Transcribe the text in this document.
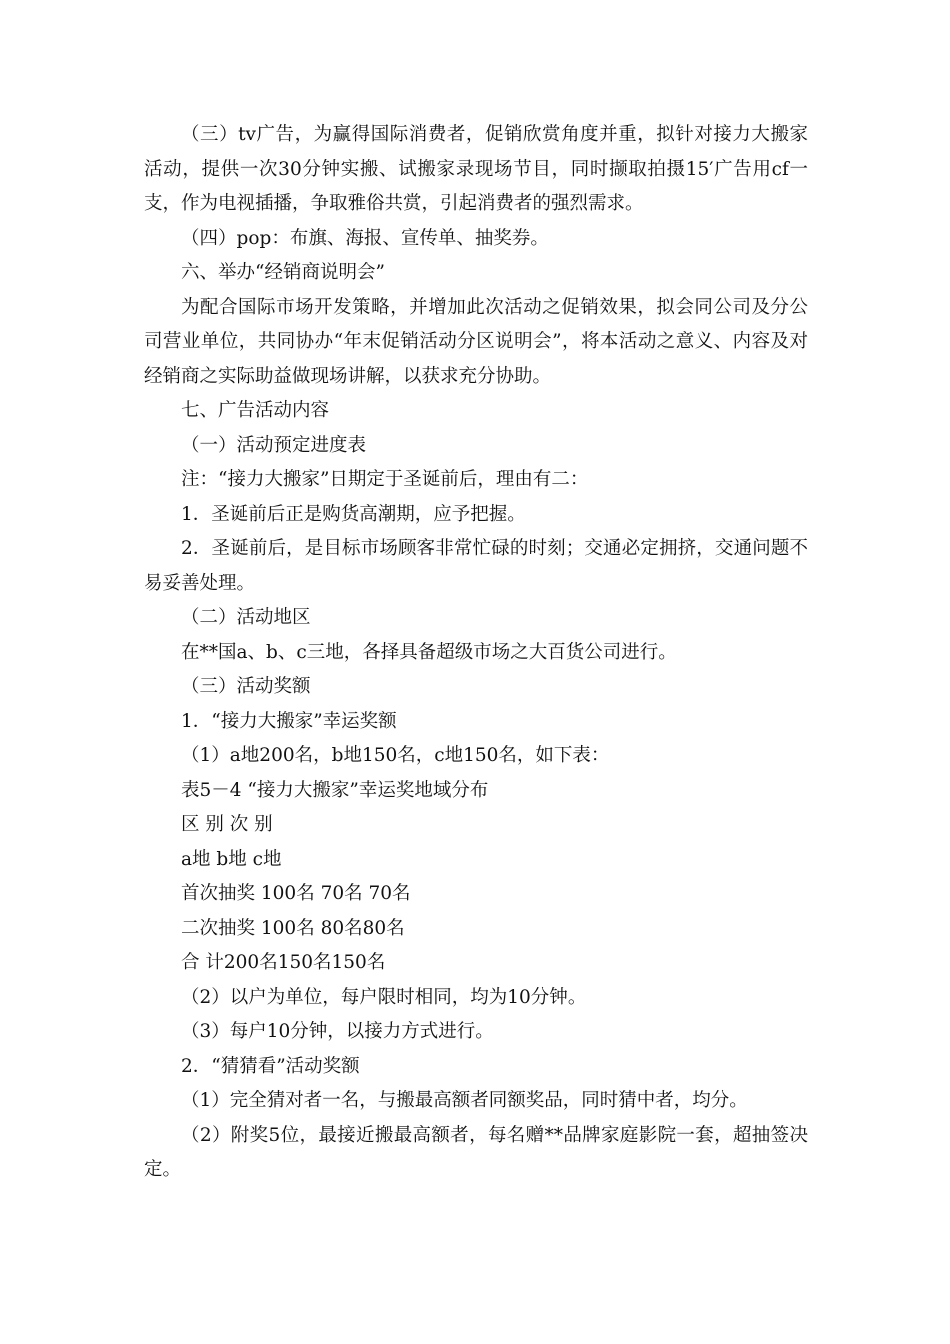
（三）tv广告，为赢得国际消费者，促销欣赏角度并重，拟针对接力大搬家活动，提供一次30分钟实搬、试搬家录现场节目，同时撷取拍摄15′广告用cf一支，作为电视插播，争取雅俗共赏，引起消费者的强烈需求。

（四）pop：布旗、海报、宣传单、抽奖券。

六、举办“经销商说明会”

为配合国际市场开发策略，并增加此次活动之促销效果，拟会同公司及分公司营业单位，共同协办“年末促销活动分区说明会”，将本活动之意义、内容及对经销商之实际助益做现场讲解，以获求充分协助。

七、广告活动内容

（一）活动预定进度表

注：“接力大搬家”日期定于圣诞前后，理由有二：

1．圣诞前后正是购货高潮期，应予把握。

2．圣诞前后，是目标市场顾客非常忙碌的时刻；交通必定拥挤，交通问题不易妥善处理。

（二）活动地区

在**国a、b、c三地，各择具备超级市场之大百货公司进行。

（三）活动奖额

1．“接力大搬家”幸运奖额

（1）a地200名，b地150名，c地150名，如下表：

表5－4 “接力大搬家”幸运奖地域分布

区 别 次 别

a地 b地 c地

首次抽奖 100名 70名 70名

二次抽奖 100名 80名80名

合 计200名150名150名

（2）以户为单位，每户限时相同，均为10分钟。

（3）每户10分钟，以接力方式进行。

2．“猜猜看”活动奖额

（1）完全猜对者一名，与搬最高额者同额奖品，同时猜中者，均分。

（2）附奖5位，最接近搬最高额者，每名赠**品牌家庭影院一套，超抽签决定。
